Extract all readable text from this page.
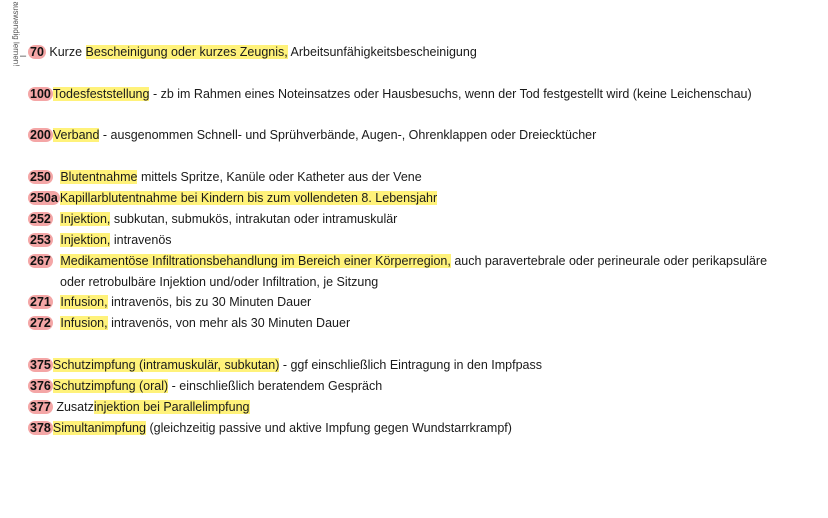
auswendig lernen! – 70 Kurze Bescheinigung oder kurzes Zeugnis, Arbeitsunfähigkeitsbescheinigung
100 Todesfeststellung - zb im Rahmen eines Noteinsatzes oder Hausbesuchs, wenn der Tod festgestellt wird (keine Leichenschau)
200 Verband - ausgenommen Schnell- und Sprühverbände, Augen-, Ohrenklappen oder Dreiecktücher
250 Blutentnahme mittels Spritze, Kanüle oder Katheter aus der Vene
250a Kapillarblutentnahme bei Kindern bis zum vollendeten 8. Lebensjahr
252 Injektion, subkutan, submukös, intrakutan oder intramuskulär
253 Injektion, intravenös
267 Medikamentöse Infiltrationsbehandlung im Bereich einer Körperregion, auch paravertebrale oder perineurale oder perikapsuläre
oder retrobulbäre Injektion und/oder Infiltration, je Sitzung
271 Infusion, intravenös, bis zu 30 Minuten Dauer
272 Infusion, intravenös, von mehr als 30 Minuten Dauer
375 Schutzimpfung (intramuskulär, subkutan) - ggf einschließlich Eintragung in den Impfpass
376 Schutzimpfung (oral) - einschließlich beratendem Gespräch
377 Zusatzinjektion bei Parallelimpfung
378 Simultanimpfung (gleichzeitig passive und aktive Impfung gegen Wundstarrkrampf)
